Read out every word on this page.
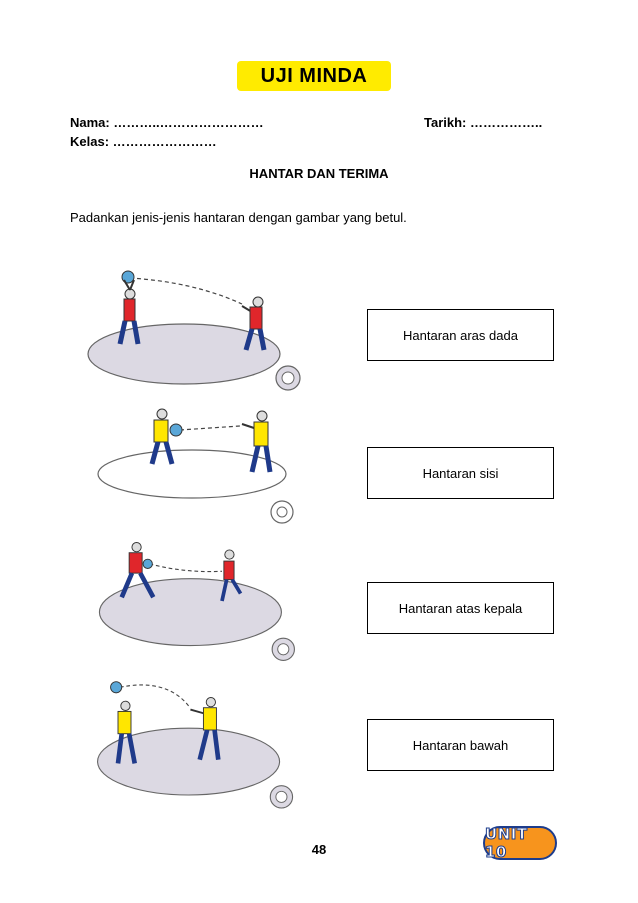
UJI MINDA
Nama: ………..……………………	Tarikh: ……………..
Kelas: ……………………
HANTAR DAN TERIMA
Padankan jenis-jenis hantaran dengan gambar yang betul.
Hantaran aras dada
Hantaran sisi
Hantaran atas kepala
Hantaran bawah
48
UNIT 10
